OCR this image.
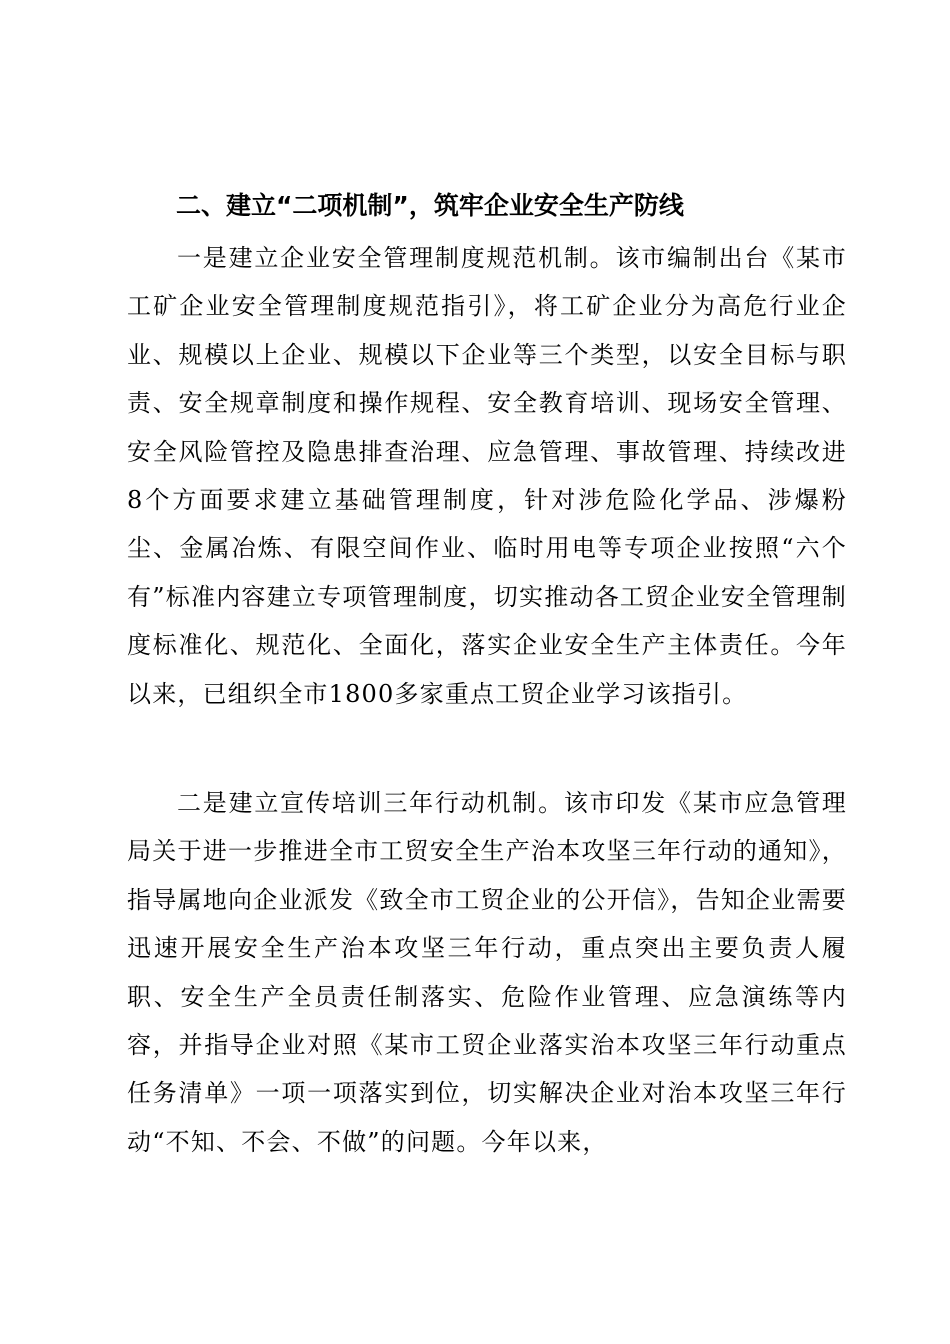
二、建立“二项机制”，筑牢企业安全生产防线

一是建立企业安全管理制度规范机制。该市编制出台《某市工矿企业安全管理制度规范指引》，将工矿企业分为高危行业企业、规模以上企业、规模以下企业等三个类型，以安全目标与职责、安全规章制度和操作规程、安全教育培训、现场安全管理、安全风险管控及隐患排查治理、应急管理、事故管理、持续改进8个方面要求建立基础管理制度，针对涉危险化学品、涉爆粉尘、金属冶炼、有限空间作业、临时用电等专项企业按照“六个有”标准内容建立专项管理制度，切实推动各工贸企业安全管理制度标准化、规范化、全面化，落实企业安全生产主体责任。今年以来，已组织全市1800多家重点工贸企业学习该指引。

二是建立宣传培训三年行动机制。该市印发《某市应急管理局关于进一步推进全市工贸安全生产治本攻坚三年行动的通知》，指导属地向企业派发《致全市工贸企业的公开信》，告知企业需要迅速开展安全生产治本攻坚三年行动，重点突出主要负责人履职、安全生产全员责任制落实、危险作业管理、应急演练等内容，并指导企业对照《某市工贸企业落实治本攻坚三年行动重点任务清单》一项一项落实到位，切实解决企业对治本攻坚三年行动“不知、不会、不做”的问题。今年以来，
